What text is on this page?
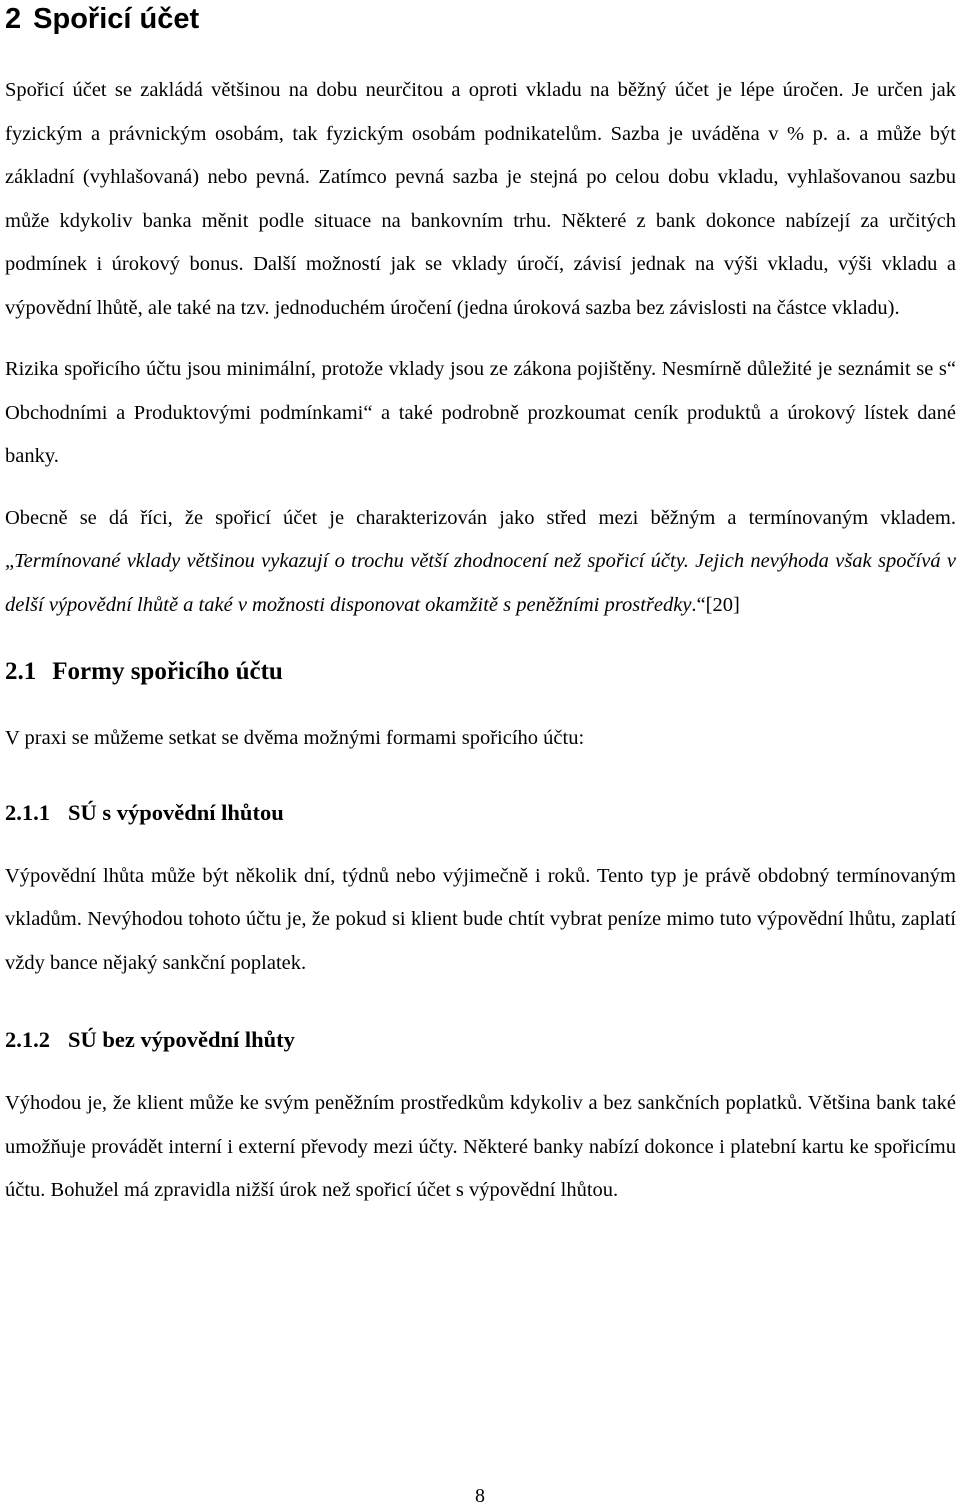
2 Spořicí účet

Spořicí účet se zakládá většinou na dobu neurčitou a oproti vkladu na běžný účet je lépe úročen. Je určen jak fyzickým a právnickým osobám, tak fyzickým osobám podnikatelům. Sazba je uváděna v % p. a. a může být základní (vyhlašovaná) nebo pevná. Zatímco pevná sazba je stejná po celou dobu vkladu, vyhlašovanou sazbu může kdykoliv banka měnit podle situace na bankovním trhu. Některé z bank dokonce nabízejí za určitých podmínek i úrokový bonus. Další možností jak se vklady úročí, závisí jednak na výši vkladu, výši vkladu a výpovědní lhůtě, ale také na tzv. jednoduchém úročení (jedna úroková sazba bez závislosti na částce vkladu).

Rizika spořicího účtu jsou minimální, protože vklady jsou ze zákona pojištěny. Nesmírně důležité je seznámit se s“ Obchodními a Produktovými podmínkami“ a také podrobně prozkoumat ceník produktů a úrokový lístek dané banky.

Obecně se dá říci, že spořicí účet je charakterizován jako střed mezi běžným a termínovaným vkladem. „Termínované vklady většinou vykazují o trochu větší zhodnocení než spořicí účty. Jejich nevýhoda však spočívá v delší výpovědní lhůtě a také v možnosti disponovat okamžitě s peněžními prostředky.“[20]

2.1 Formy spořicího účtu

V praxi se můžeme setkat se dvěma možnými formami spořicího účtu:

2.1.1 SÚ s výpovědní lhůtou

Výpovědní lhůta může být několik dní, týdnů nebo výjimečně i roků. Tento typ je právě obdobný termínovaným vkladům. Nevýhodou tohoto účtu je, že pokud si klient bude chtít vybrat peníze mimo tuto výpovědní lhůtu, zaplatí vždy bance nějaký sankční poplatek.

2.1.2 SÚ bez výpovědní lhůty

Výhodou je, že klient může ke svým peněžním prostředkům kdykoliv a bez sankčních poplatků. Většina bank také umožňuje provádět interní i externí převody mezi účty. Některé banky nabízí dokonce i platební kartu ke spořicímu účtu. Bohužel má zpravidla nižší úrok než spořicí účet s výpovědní lhůtou.

8
